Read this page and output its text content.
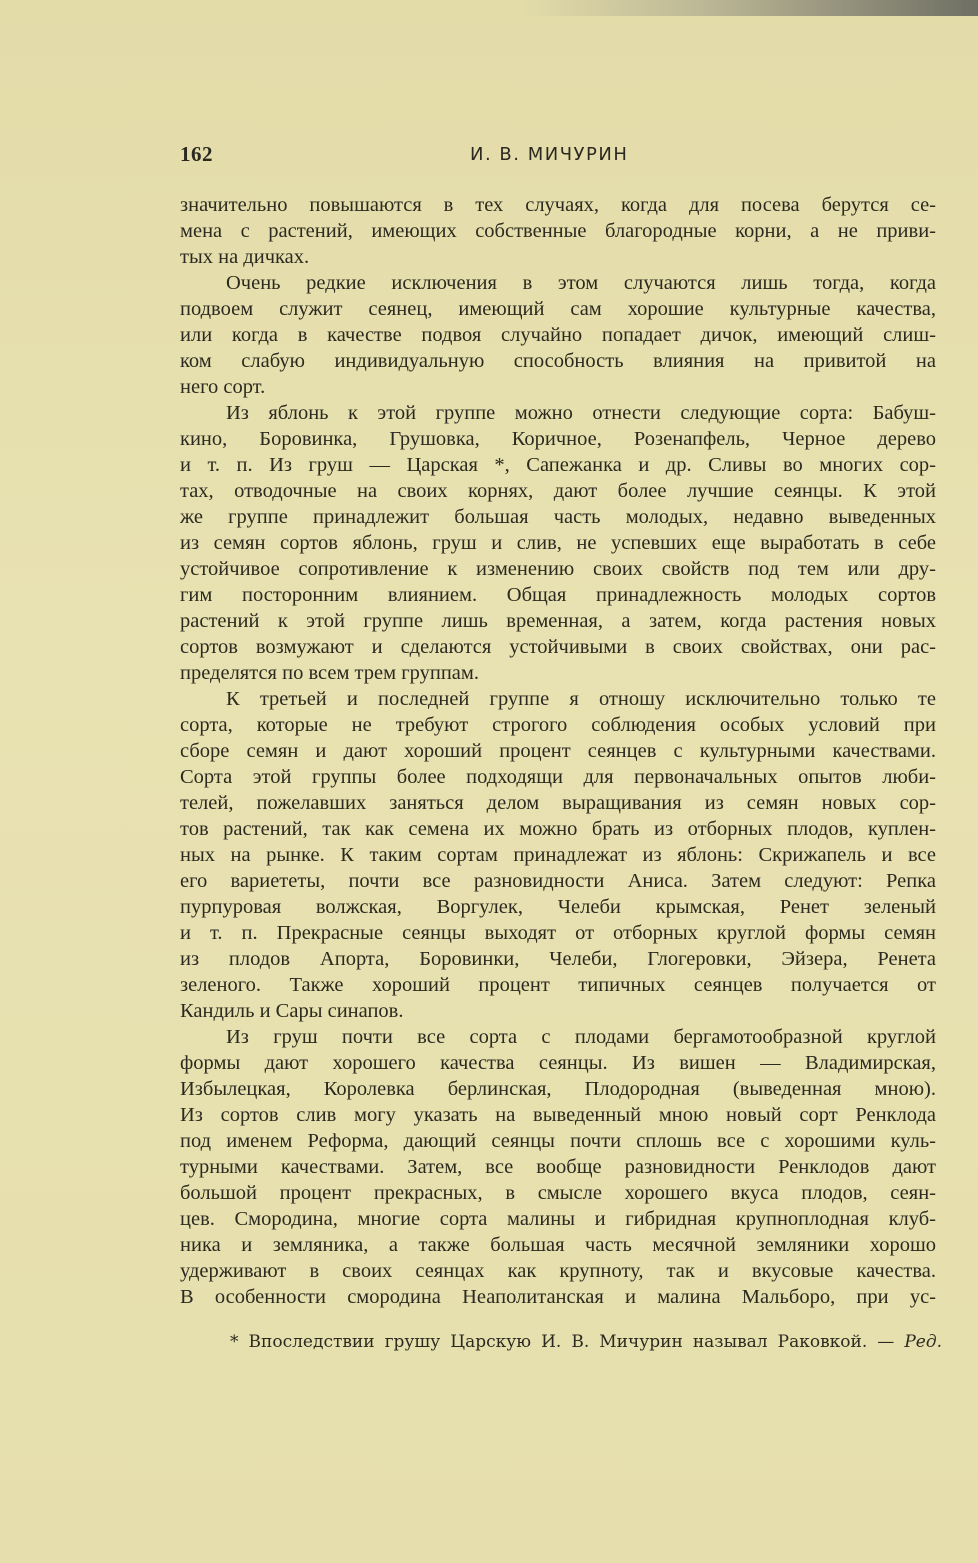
162	И. В. МИЧУРИН
значительно повышаются в тех случаях, когда для посева берутся се-
мена с растений, имеющих собственные благородные корни, а не приви-
тых на дичках.
Очень редкие исключения в этом случаются лишь тогда, когда
подвоем служит сеянец, имеющий сам хорошие культурные качества,
или когда в качестве подвоя случайно попадает дичок, имеющий слиш-
ком слабую индивидуальную способность влияния на привитой на
него сорт.
Из яблонь к этой группе можно отнести следующие сорта: Бабуш-
кино, Боровинка, Грушовка, Коричное, Розенапфель, Черное дерево
и т. п. Из груш — Царская *, Сапежанка и др. Сливы во многих сор-
тах, отводочные на своих корнях, дают более лучшие сеянцы. К этой
же группе принадлежит большая часть молодых, недавно выведенных
из семян сортов яблонь, груш и слив, не успевших еще выработать в себе
устойчивое сопротивление к изменению своих свойств под тем или дру-
гим посторонним влиянием. Общая принадлежность молодых сортов
растений к этой группе лишь временная, а затем, когда растения новых
сортов возмужают и сделаются устойчивыми в своих свойствах, они рас-
пределятся по всем трем группам.
К третьей и последней группе я отношу исключительно только те
сорта, которые не требуют строгого соблюдения особых условий при
сборе семян и дают хороший процент сеянцев с культурными качествами.
Сорта этой группы более подходящи для первоначальных опытов люби-
телей, пожелавших заняться делом выращивания из семян новых сор-
тов растений, так как семена их можно брать из отборных плодов, куплен-
ных на рынке. К таким сортам принадлежат из яблонь: Скрижапель и все
его вариететы, почти все разновидности Аниса. Затем следуют: Репка
пурпуровая волжская, Воргулек, Челеби крымская, Ренет зеленый
и т. п. Прекрасные сеянцы выходят от отборных круглой формы семян
из плодов Апорта, Боровинки, Челеби, Глогеровки, Эйзера, Ренета
зеленого. Также хороший процент типичных сеянцев получается от
Кандиль и Сары синапов.
Из груш почти все сорта с плодами бергамотообразной круглой
формы дают хорошего качества сеянцы. Из вишен — Владимирская,
Избылецкая, Королевка берлинская, Плодородная (выведенная мною).
Из сортов слив могу указать на выведенный мною новый сорт Ренклода
под именем Реформа, дающий сеянцы почти сплошь все с хорошими куль-
турными качествами. Затем, все вообще разновидности Ренклодов дают
большой процент прекрасных, в смысле хорошего вкуса плодов, сеян-
цев. Смородина, многие сорта малины и гибридная крупноплодная клуб-
ника и земляника, а также большая часть месячной земляники хорошо
удерживают в своих сеянцах как крупноту, так и вкусовые качества.
В особенности смородина Неаполитанская и малина Мальборо, при ус-
* Впоследствии грушу Царскую И. В. Мичурин называл Раковкой. — Ред.
